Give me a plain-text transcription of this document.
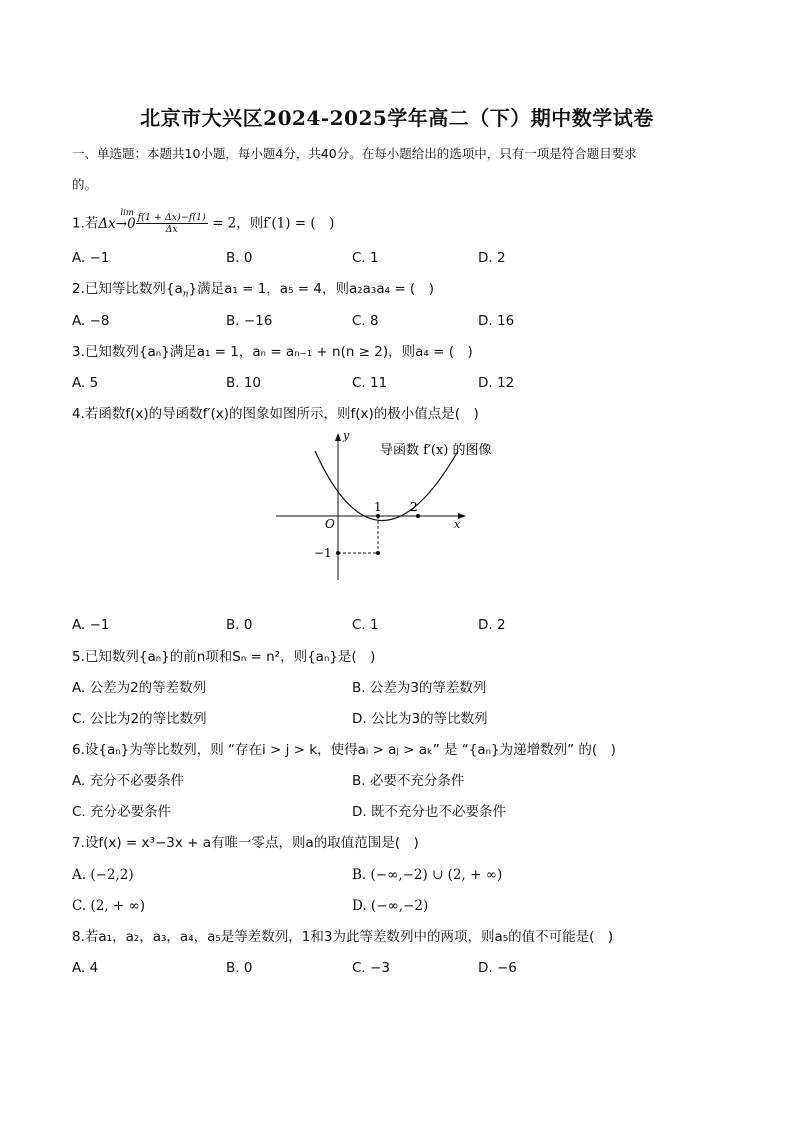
北京市大兴区2024-2025学年高二（下）期中数学试卷
一、单选题：本题共10小题，每小题4分，共40分。在每小题给出的选项中，只有一项是符合题目要求
的。
1.若
lim
$\Delta x\to 0 \frac{f(1 + \Delta x)-f(1)}{\Delta x} = 2$，则f′(1) = (　)
A. −1	B. 0	C. 1	D. 2
2.已知等比数列$\{a_n\}$满足a₁ = 1，a₅ = 4，则a₂a₃a₄ = (　)
A. −8	B. −16	C. 8	D. 16
3.已知数列{aₙ}满足a₁ = 1，aₙ = aₙ₋₁ + n(n ≥ 2)，则a₄ = (　)
A. 5	B. 10	C. 11	D. 12
4.若函数f(x)的导函数f′(x)的图象如图所示，则f(x)的极小值点是(　)
y
x
O
1 2
−1
导函数 f′(x) 的图像
A. −1	B. 0	C. 1	D. 2
5.已知数列{aₙ}的前n项和Sₙ = n²，则{aₙ}是(　)
A. 公差为2的等差数列	B. 公差为3的等差数列
C. 公比为2的等比数列	D. 公比为3的等比数列
6.设{aₙ}为等比数列，则 “存在i > j > k，使得aᵢ > aⱼ > aₖ” 是 “{aₙ}为递增数列” 的(　)
A. 充分不必要条件	B. 必要不充分条件
C. 充分必要条件	D. 既不充分也不必要条件
7.设f(x) = x³−3x + a有唯一零点，则a的取值范围是(　)
A. (−2,2)	B. (−∞,−2) ∪ (2, + ∞)
C. (2, + ∞)	D. (−∞,−2)
8.若a₁，a₂，a₃，a₄，a₅是等差数列，1和3为此等差数列中的两项，则a₅的值不可能是(　)
A. 4	B. 0	C. −3	D. −6
